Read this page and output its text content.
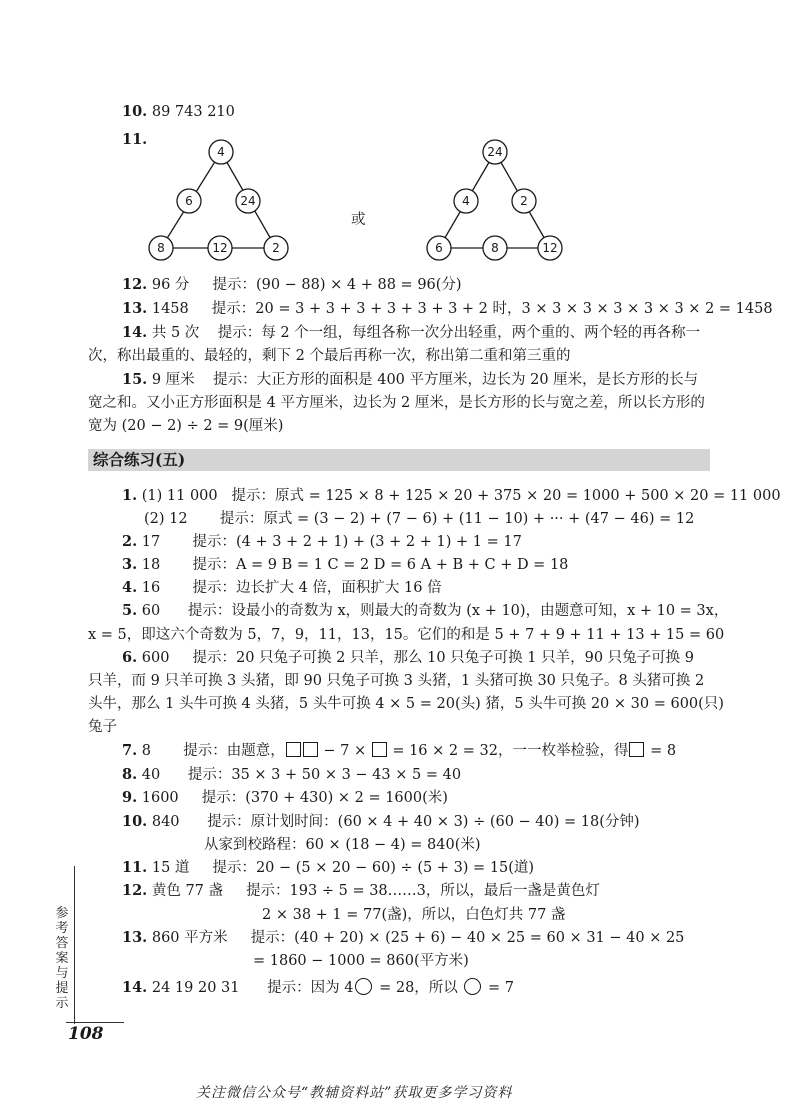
10. 89 743 210
11.
4
6	24
8	12	2
24
4	2
6	8	12
或
12. 96 分 提示：(90 − 88) × 4 + 88 = 96(分)
13. 1458 提示：20 = 3 + 3 + 3 + 3 + 3 + 3 + 2 时，3 × 3 × 3 × 3 × 3 × 3 × 2 = 1458
14. 共 5 次 提示：每 2 个一组，每组各称一次分出轻重，两个重的、两个轻的再各称一
次，称出最重的、最轻的，剩下 2 个最后再称一次，称出第二重和第三重的
15. 9 厘米 提示：大正方形的面积是 400 平方厘米，边长为 20 厘米，是长方形的长与
宽之和。又小正方形面积是 4 平方厘米，边长为 2 厘米，是长方形的长与宽之差，所以长方形的
宽为 (20 − 2) ÷ 2 = 9(厘米)
综合练习(五)
1. (1) 11 000 提示：原式 = 125 × 8 + 125 × 20 + 375 × 20 = 1000 + 500 × 20 = 11 000
(2) 12 提示：原式 = (3 − 2) + (7 − 6) + (11 − 10) + ··· + (47 − 46) = 12
2. 17 提示：(4 + 3 + 2 + 1) + (3 + 2 + 1) + 1 = 17
3. 18 提示：A = 9 B = 1 C = 2 D = 6 A + B + C + D = 18
4. 16 提示：边长扩大 4 倍，面积扩大 16 倍
5. 60 提示：设最小的奇数为 x，则最大的奇数为 (x + 10)，由题意可知，x + 10 = 3x，
x = 5，即这六个奇数为 5，7，9，11，13，15。它们的和是 5 + 7 + 9 + 11 + 13 + 15 = 60
6. 600 提示：20 只兔子可换 2 只羊，那么 10 只兔子可换 1 只羊，90 只兔子可换 9
只羊，而 9 只羊可换 3 头猪，即 90 只兔子可换 3 头猪，1 头猪可换 30 只兔子。8 头猪可换 2
头牛，那么 1 头牛可换 4 头猪，5 头牛可换 4 × 5 = 20(头) 猪，5 头牛可换 20 × 30 = 600(只)
兔子
7. 8 提示：由题意，	− 7 × = 16 × 2 = 32，一一枚举检验，得 = 8
8. 40 提示：35 × 3 + 50 × 3 − 43 × 5 = 40
9. 1600 提示：(370 + 430) × 2 = 1600(米)
10. 840 提示：原计划时间：(60 × 4 + 40 × 3) ÷ (60 − 40) = 18(分钟)
从家到校路程：60 × (18 − 4) = 840(米)
11. 15 道 提示：20 − (5 × 20 − 60) ÷ (5 + 3) = 15(道)
12. 黄色 77 盏 提示：193 ÷ 5 = 38……3，所以，最后一盏是黄色灯
2 × 38 + 1 = 77(盏)，所以，白色灯共 77 盏
13. 860 平方米 提示：(40 + 20) × (25 + 6) − 40 × 25 = 60 × 31 − 40 × 25
= 1860 − 1000 = 860(平方米)
14. 24 19 20 31 提示：因为 4 = 28，所以 = 7
参考答案与提示
108
关注微信公众号“教辅资料站”获取更多学习资料
